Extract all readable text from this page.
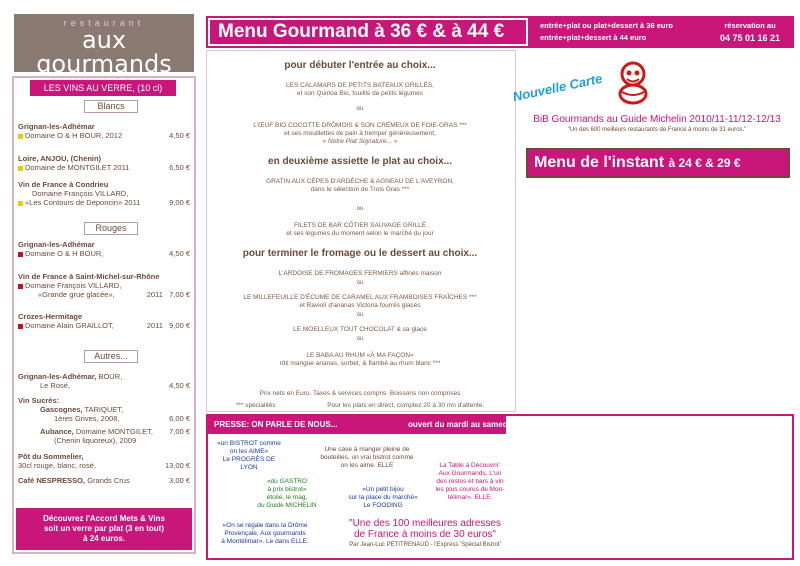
restaurant
aux gourmands
LES VINS AU VERRE, (10 cl)
Blancs
Grignan-les-Adhémar
Domaine O & H BOUR, 2012	4,50 €
Loire, ANJOU, (Chenin)
Domaine de MONTGILET 2011	6,50 €
Vin de France à Condrieu
Domaine François VILLARD,
«Les Contours de Deponcin» 2011	9,00 €
Rouges
Grignan-les-Adhémar
Domaine O & H BOUR,	4,50 €
Vin de France à Saint-Michel-sur-Rhône
Domaine François VILLARD,
«Grande grue glacée»,	2011 7,00 €
Crozes-Hermitage
Domaine Alain GRAILLOT,	2011 9,00 €
Autres...
Grignan-les-Adhémar, BOUR,
Le Rosé,	4,50 €
Vin Sucrés:
Gascognes, TARIQUET,
1ères Grives, 2008,	6,00 €
Aubance, Domaine MONTGILET, 7,00 €
(Chenin liquoreux), 2009
Pôt du Sommelier,
30cl rouge, blanc, rosé,	13,00 €
Café NESPRESSO, Grands Crus	3,00 €
Découvrez l'Accord Mets & Vins
soit un verre par plat (3 en tout)
à 24 euros.
Menu Gourmand à 36 € & à 44 €	entrée+plat ou plat+dessert à 36 euro
entrée+plat+dessert à 44 euro
réservation au
04 75 01 16 21
pour débuter l'entrée au choix...
LES CALAMARS DE PETITS BATEAUX GRILLÉS,
et son Quinoa Bio, fouillis de petits légumes
ou
L'ŒUF BIO COCOTTE DRÔMOIS & SON CRÉMEUX DE FOIE-GRAS ***
et ses mouillettes de pain à tremper généreusement,
« Notre Plat Signature... »
en deuxième assiette le plat au choix...
GRATIN AUX CÈPES D'ARDÈCHE & AGNEAU DE L'AVEYRON,
dans le sélection de Trois Gras ***
ou
FILETS DE BAR CÔTIER SAUVAGE GRILLÉ
et ses légumes du moment selon le marché du jour
pour terminer le fromage ou le dessert au choix...
L'ARDOISE DE FROMAGES FERMIERS affinés maison
ou
LE MILLEFEUILLE D'ÉCUME DE CARAMEL AUX FRAMBOISES FRAÎCHES ***
et Raviolí d'ananas Victoria fourrés glacés
ou
LE MOELLEUX TOUT CHOCOLAT & sa glace
ou
LE BABA AU RHUM «À MA FAÇON»
rôti mangue ananas, sorbet, & flambé au rhum blanc ***
Prix nets en Euro. Taxes & services compris. Boissons non comprises
*** spécialités	Pour les plats en direct, comptez 20 à 30 mn d'attente.
Nouvelle Carte
BiB Gourmands au Guide Michelin 2010/11-11/12-12/13
"Un des 600 meilleurs restaurants de France à moins de 31 euros."
Menu de l'instant à 24 € & 29 €
PRESSE: ON PARLE DE NOUS...	ouvert du mardi au samedi
«un BISTROT comme
on les AIME»
Le PROGRÈS DE
LYON
«du GASTRO
à prix bistrot»
étoile, le mag,
du Guide MICHELIN
«On se régale dans la Drôme
Provençale, Aux gourmands
à Montélimar». Le dans ELLE.
Une cave à manger pleine de
bouteilles, un vrai bistrot comme
on les aime. ELLE
«Un petit bijou
sur la place du marché»
Le FOODING
La Table à Découvrir:
Aux Gourmands, L'un
des restos et bars à vin
les plus courus de Mon-
télimar». ELLE.
"Une des 100 meilleures adresses
de France à moins de 30 euros"
Par Jean-Luc PETITRENAUD - l'Express 'Spécial Bistrot'
